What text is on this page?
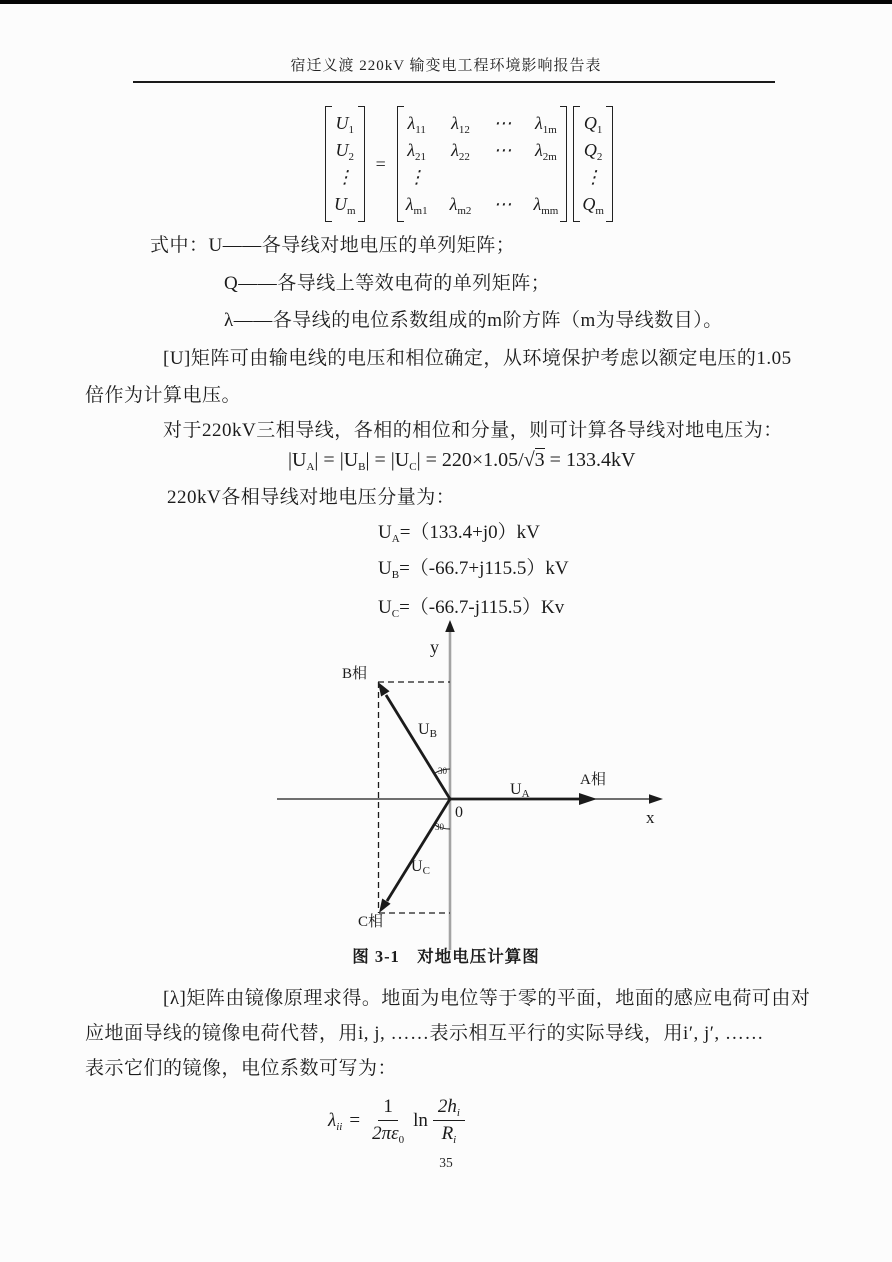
宿迁义渡 220kV 输变电工程环境影响报告表
$U_1$
$U_2$
⋮
$U_m$
=
$\lambda_{11}$ $\lambda_{12}$ ⋯ $\lambda_{1m}$
$\lambda_{21}$ $\lambda_{22}$ ⋯ $\lambda_{2m}$
⋮
$\lambda_{m1}$ $\lambda_{m2}$ ⋯ $\lambda_{mm}$
$Q_1$
$Q_2$
⋮
$Q_m$
式中：U——各导线对地电压的单列矩阵；
Q——各导线上等效电荷的单列矩阵；
λ——各导线的电位系数组成的m阶方阵（m为导线数目）。
[U]矩阵可由输电线的电压和相位确定，从环境保护考虑以额定电压的1.05
倍作为计算电压。
对于220kV三相导线，各相的相位和分量，则可计算各导线对地电压为：
$|U_A| = |U_B| = |U_C| = 220\times 1.05/√3 = 133.4kV$
220kV各相导线对地电压分量为：
$U_A=(133.4+j0)kV$
$U_B=(-66.7+j115.5)kV$
$U_C=(-66.7-j115.5)Kv$
y
x
0
B相
C相
A相
UA
UB
UC
30
30
图 3-1　对地电压计算图
[λ]矩阵由镜像原理求得。地面为电位等于零的平面，地面的感应电荷可由对
应地面导线的镜像电荷代替，用i, j, ……表示相互平行的实际导线，用i′, j′, ……
表示它们的镜像，电位系数可写为：
$\lambda_{ii} = \frac{1}{2\pi\varepsilon_0}$ $\ln \frac{2h_i}{R_i}$
35
